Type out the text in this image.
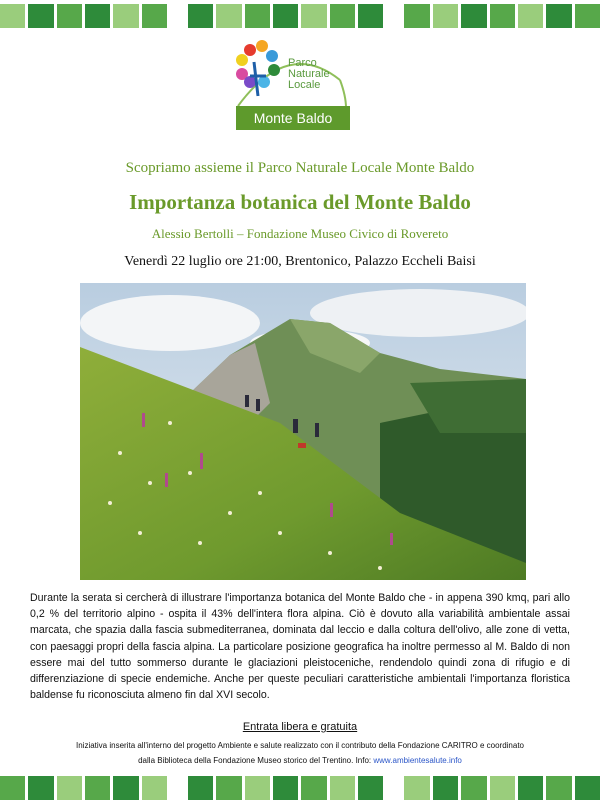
Parco
Naturale
Locale
Monte Baldo
Scopriamo assieme il Parco Naturale Locale Monte Baldo
Importanza botanica del Monte Baldo
Alessio Bertolli – Fondazione Museo Civico di Rovereto
Venerdì 22 luglio ore 21:00, Brentonico, Palazzo Eccheli Baisi
Durante la serata si cercherà di illustrare l'importanza botanica del Monte Baldo che - in appena 390 kmq, pari allo 0,2 % del territorio alpino - ospita il 43% dell'intera flora alpina. Ciò è dovuto alla variabilità ambientale assai marcata, che spazia dalla fascia submediterranea, dominata dal leccio e dalla coltura dell'olivo, alle zone di vetta, con paesaggi propri della fascia alpina. La particolare posizione geografica ha inoltre permesso al M. Baldo di non essere mai del tutto sommerso durante le glaciazioni pleistoceniche, rendendolo quindi zona di rifugio e di differenziazione di specie endemiche. Anche per queste peculiari caratteristiche ambientali l'importanza floristica baldense fu riconosciuta almeno fin dal XVI secolo.
Entrata libera e gratuita
Iniziativa inserita all'interno del progetto Ambiente e salute realizzato con il contributo della Fondazione CARITRO e coordinato
dalla Biblioteca della Fondazione Museo storico del Trentino. Info: www.ambientesalute.info
